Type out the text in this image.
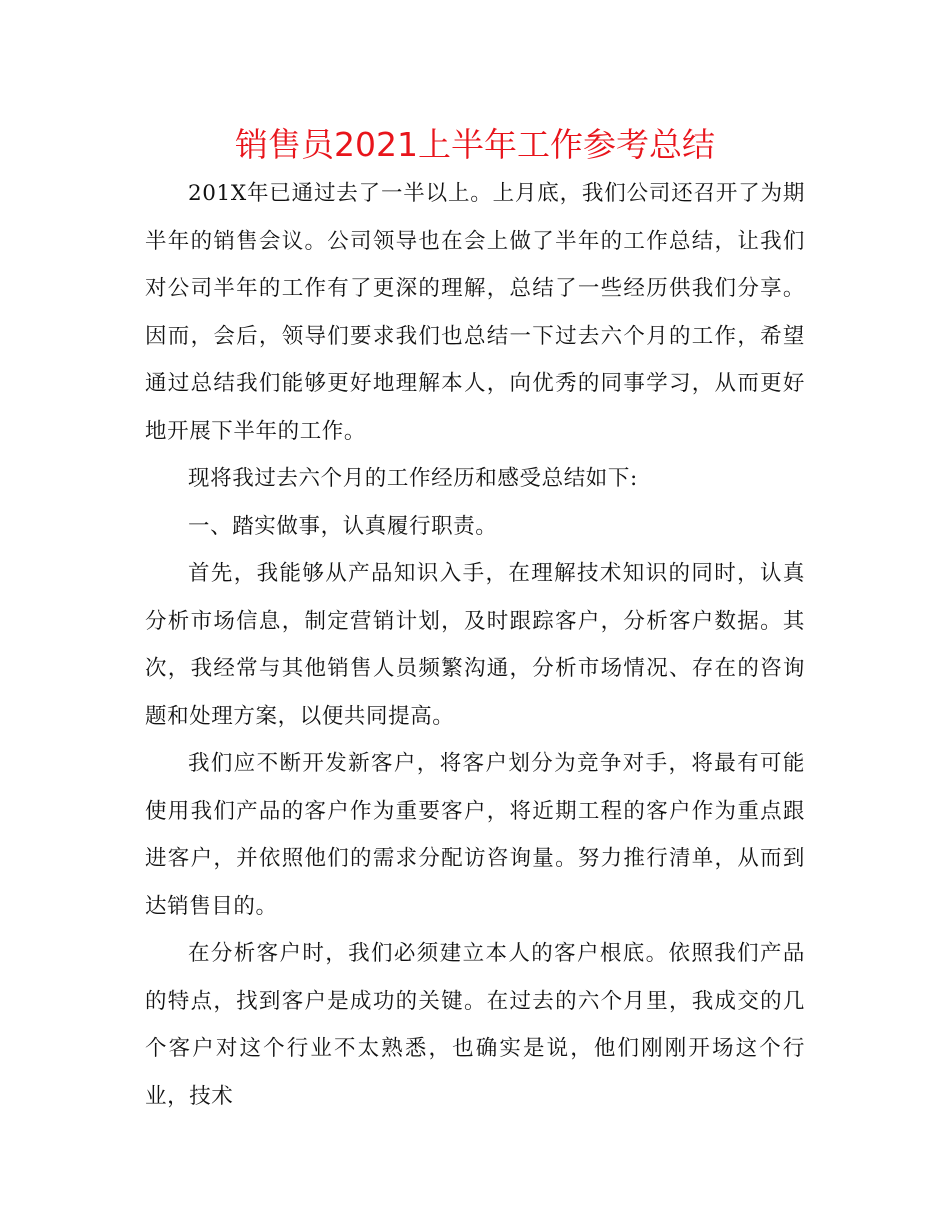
销售员2021上半年工作参考总结

201X年已通过去了一半以上。上月底，我们公司还召开了为期半年的销售会议。公司领导也在会上做了半年的工作总结，让我们对公司半年的工作有了更深的理解，总结了一些经历供我们分享。因而，会后，领导们要求我们也总结一下过去六个月的工作，希望通过总结我们能够更好地理解本人，向优秀的同事学习，从而更好地开展下半年的工作。

现将我过去六个月的工作经历和感受总结如下:

一、踏实做事，认真履行职责。

首先，我能够从产品知识入手，在理解技术知识的同时，认真分析市场信息，制定营销计划，及时跟踪客户，分析客户数据。其次，我经常与其他销售人员频繁沟通，分析市场情况、存在的咨询题和处理方案，以便共同提高。

我们应不断开发新客户，将客户划分为竞争对手，将最有可能使用我们产品的客户作为重要客户，将近期工程的客户作为重点跟进客户，并依照他们的需求分配访咨询量。努力推行清单，从而到达销售目的。

在分析客户时，我们必须建立本人的客户根底。依照我们产品的特点，找到客户是成功的关键。在过去的六个月里，我成交的几个客户对这个行业不太熟悉，也确实是说，他们刚刚开场这个行业，技术
